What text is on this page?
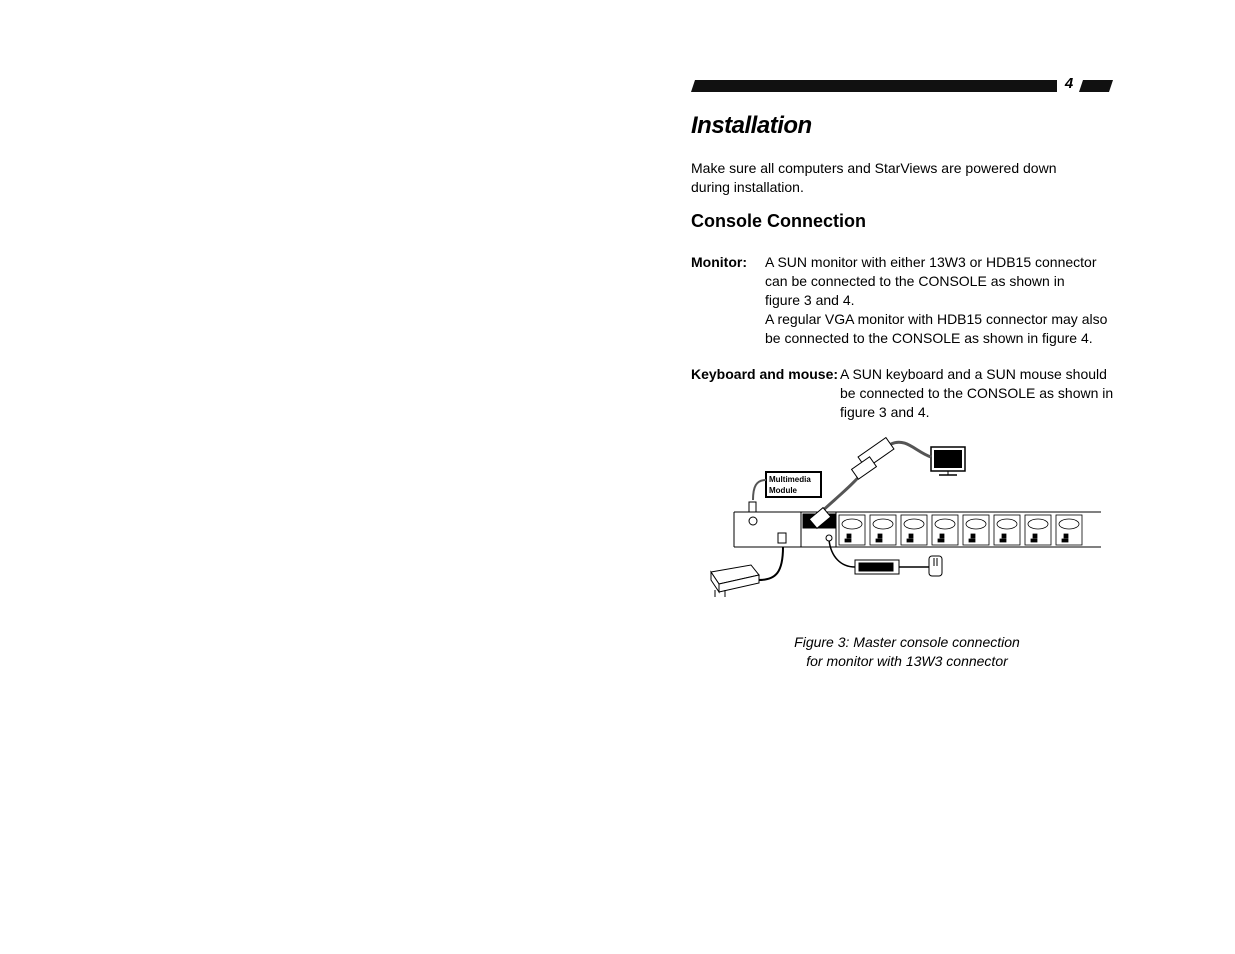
4
Installation
Make sure all computers and StarViews are powered down
during installation.
Console Connection
Monitor: A SUN monitor with either 13W3 or HDB15 connector
can be connected to the CONSOLE as shown in
figure 3 and 4.
A regular VGA monitor with HDB15 connector may also
be connected to the CONSOLE as shown in figure 4.
Keyboard and mouse: A SUN keyboard and a SUN mouse should
be connected to the CONSOLE as shown in
figure 3 and 4.
Multimedia
Module
Figure 3: Master console connection
for monitor with 13W3 connector
